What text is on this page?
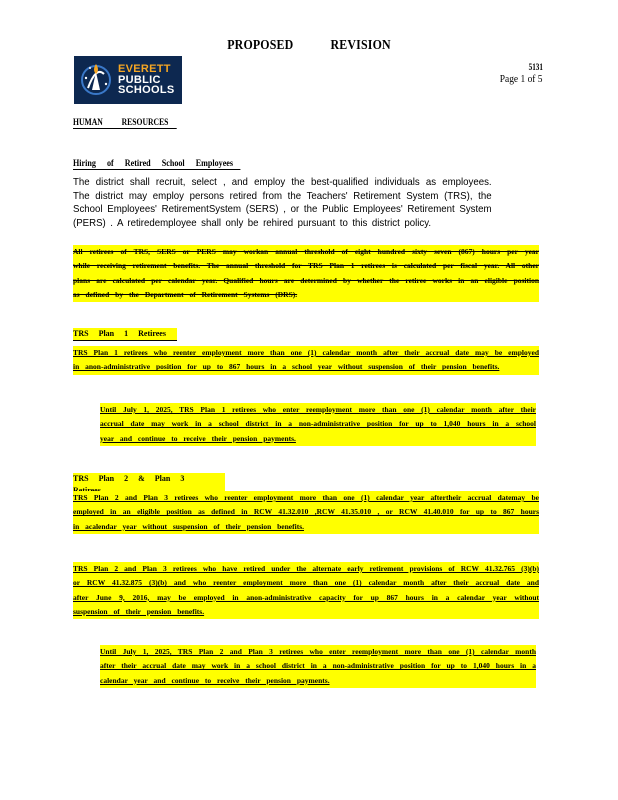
PROPOSED	REVISION
EVERETT
PUBLIC
SCHOOLS
5131
Page 1 of 5
HUMAN RESOURCES
Hiring of Retired School Employees
The district shall recruit, select , and employ the best-qualified individuals as employees. The district may employ persons retired from the Teachers' Retirement System (TRS), the School Employees' RetirementSystem (SERS) , or the Public Employees' Retirement System (PERS) . A retiredemployee shall only be rehired pursuant to this district policy.
All retirees of TRS, SERS or PERS may workan annual threshold of eight hundred sixty seven (867) hours per year while receiving retirement benefits. The annual threshold for TRS Plan 1 retirees is calculated per fiscal year. All other plans are calculated per calendar year. Qualified hours are determined by whether the retiree works in an eligible position as defined by the Department of Retirement Systems (DRS).
TRS Plan 1 Retirees
TRS Plan 1 retirees who reenter employment more than one (1) calendar month after their accrual date may be employed in anon-administrative position for up to 867 hours in a school year without suspension of their pension benefits.
Until July 1, 2025, TRS Plan 1 retirees who enter reemployment more than one (1) calendar month after their accrual date may work in a school district in a non-administrative position for up to 1,040 hours in a school year and continue to receive their pension payments.
TRS Plan 2 & Plan 3
TRS Plan 2 and Plan 3 retirees who reenter employment more than one (1) calendar year aftertheir accrual datemay be employed in an eligible position as defined in RCW 41.32.010 ,RCW 41.35.010 , or RCW 41.40.010 for up to 867 hours in acalendar year without suspension of their pension benefits.
TRS Plan 2 and Plan 3 retirees who have retired under the alternate early retirement provisions of RCW 41.32.765 (3)(b) or RCW 41.32.875 (3)(b) and who reenter employment more than one (1) calendar month after their accrual date and after June 9, 2016, may be employed in anon-administrative capacity for up 867 hours in a calendar year without suspension of their pension benefits.
Until July 1, 2025, TRS Plan 2 and Plan 3 retirees who enter reemployment more than one (1) calendar month after their accrual date may work in a school district in a non-administrative position for up to 1,040 hours in a calendar year and continue to receive their pension payments.
